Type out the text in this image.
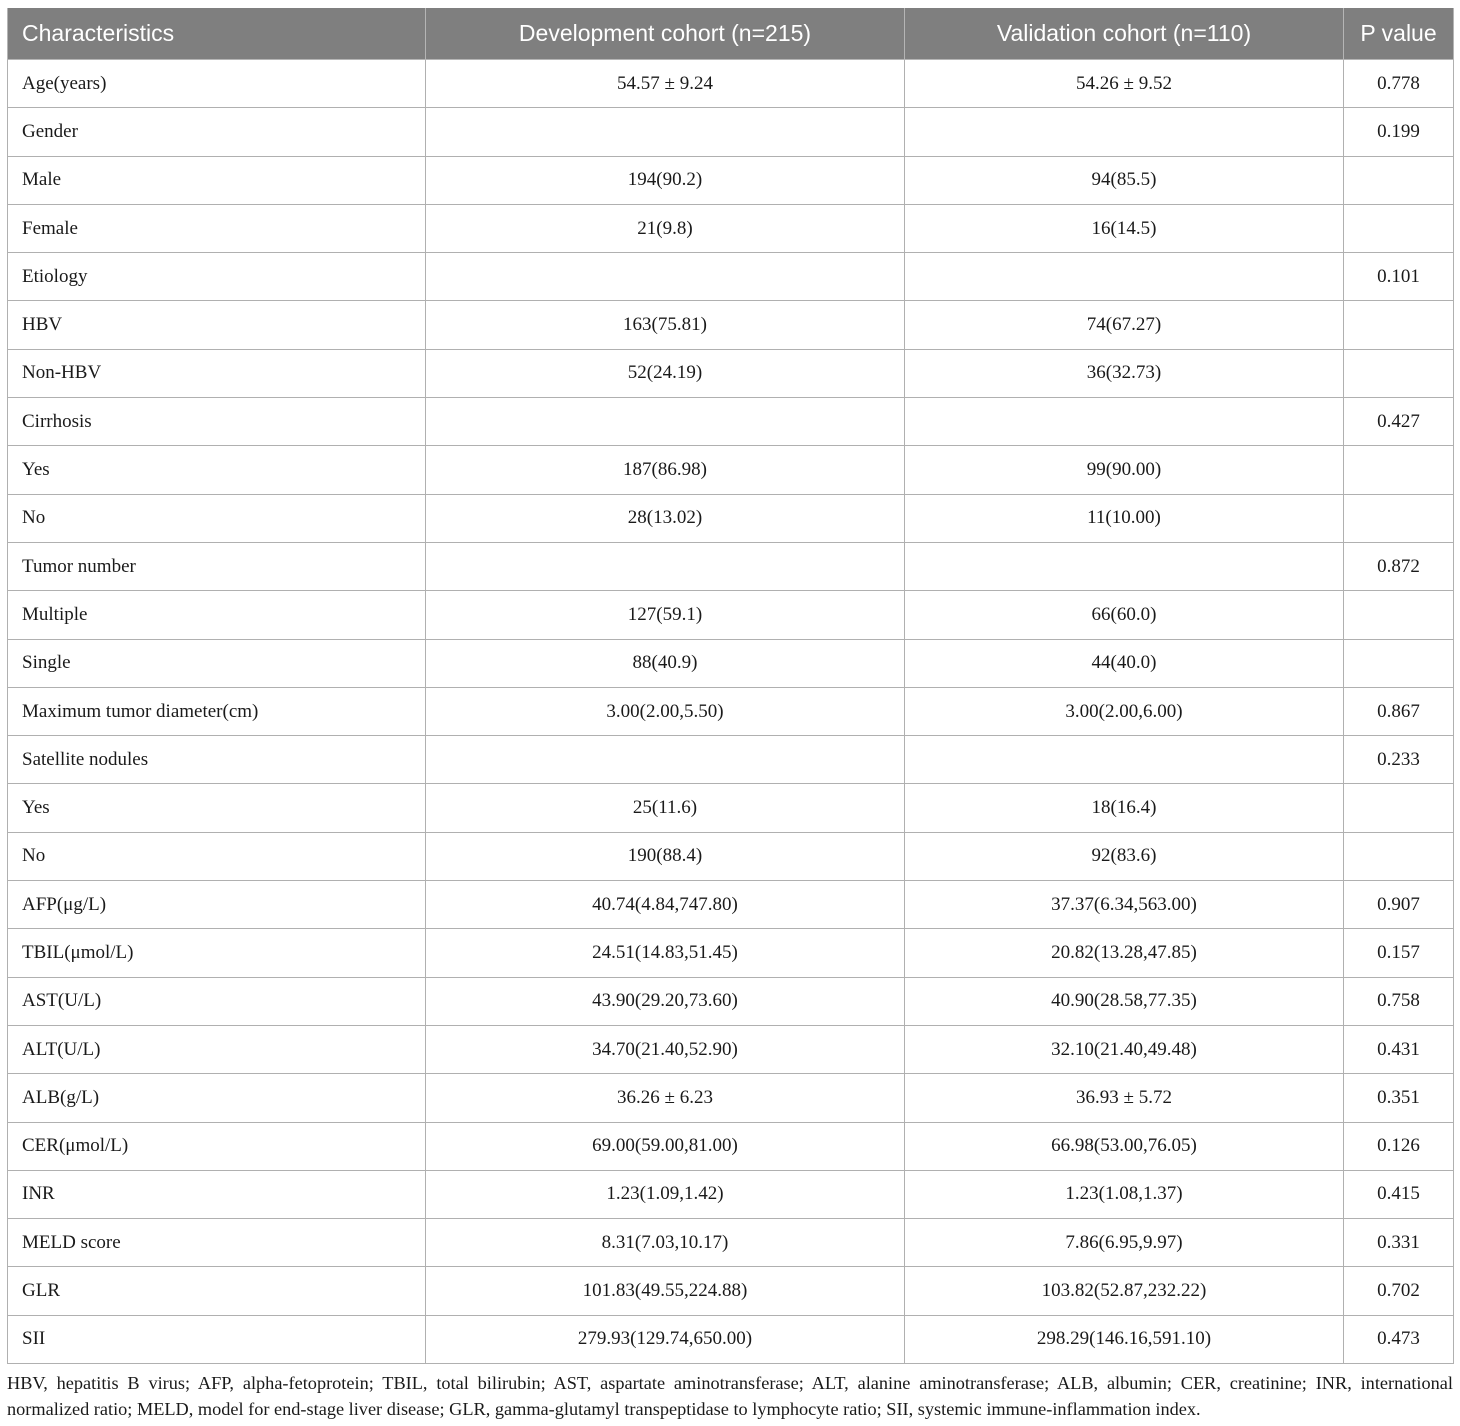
Characteristics	Development cohort (n=215)	Validation cohort (n=110)	P value
Age(years)	54.57 ± 9.24	54.26 ± 9.52	0.778
Gender			0.199
Male	194(90.2)	94(85.5)	
Female	21(9.8)	16(14.5)	
Etiology			0.101
HBV	163(75.81)	74(67.27)	
Non-HBV	52(24.19)	36(32.73)	
Cirrhosis			0.427
Yes	187(86.98)	99(90.00)	
No	28(13.02)	11(10.00)	
Tumor number			0.872
Multiple	127(59.1)	66(60.0)	
Single	88(40.9)	44(40.0)	
Maximum tumor diameter(cm)	3.00(2.00,5.50)	3.00(2.00,6.00)	0.867
Satellite nodules			0.233
Yes	25(11.6)	18(16.4)	
No	190(88.4)	92(83.6)	
AFP(μg/L)	40.74(4.84,747.80)	37.37(6.34,563.00)	0.907
TBIL(μmol/L)	24.51(14.83,51.45)	20.82(13.28,47.85)	0.157
AST(U/L)	43.90(29.20,73.60)	40.90(28.58,77.35)	0.758
ALT(U/L)	34.70(21.40,52.90)	32.10(21.40,49.48)	0.431
ALB(g/L)	36.26 ± 6.23	36.93 ± 5.72	0.351
CER(μmol/L)	69.00(59.00,81.00)	66.98(53.00,76.05)	0.126
INR	1.23(1.09,1.42)	1.23(1.08,1.37)	0.415
MELD score	8.31(7.03,10.17)	7.86(6.95,9.97)	0.331
GLR	101.83(49.55,224.88)	103.82(52.87,232.22)	0.702
SII	279.93(129.74,650.00)	298.29(146.16,591.10)	0.473
HBV, hepatitis B virus; AFP, alpha-fetoprotein; TBIL, total bilirubin; AST, aspartate aminotransferase; ALT, alanine aminotransferase; ALB, albumin; CER, creatinine; INR, international normalized ratio; MELD, model for end-stage liver disease; GLR, gamma-glutamyl transpeptidase to lymphocyte ratio; SII, systemic immune-inflammation index.
